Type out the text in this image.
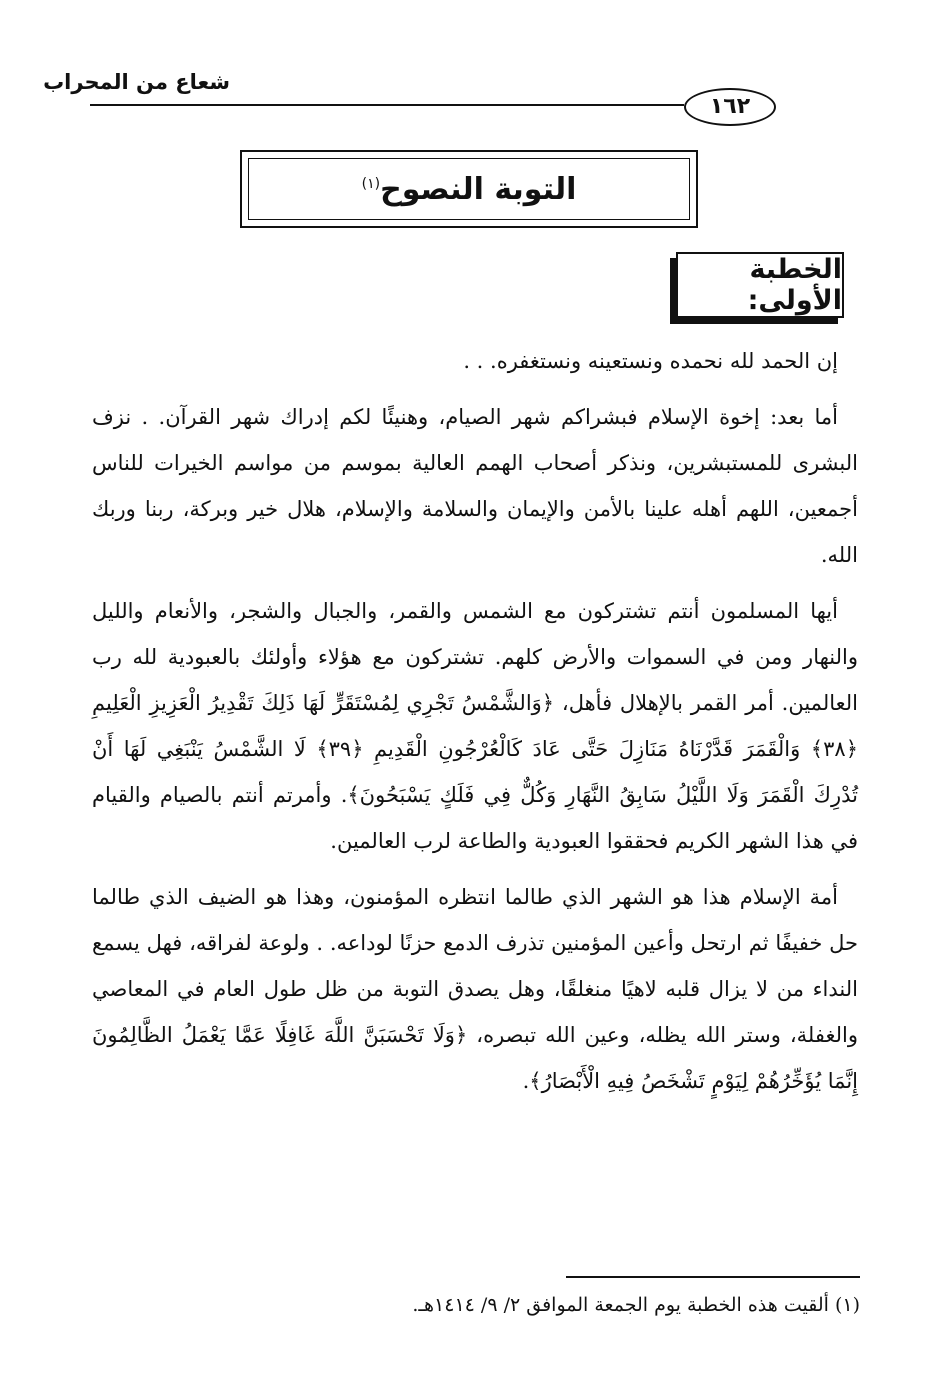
شعاع من المحراب
١٦٢
التوبة النصوح$^{(١)}$
الخطبة الأولى:

إن الحمد لله نحمده ونستعينه ونستغفره. . .

أما بعد: إخوة الإسلام فبشراكم شهر الصيام، وهنيئًا لكم إدراك شهر القرآن. . نزف البشرى للمستبشرين، ونذكر أصحاب الهمم العالية بموسم من مواسم الخيرات للناس أجمعين، اللهم أهله علينا بالأمن والإيمان والسلامة والإسلام، هلال خير وبركة، ربنا وربك الله.

أيها المسلمون أنتم تشتركون مع الشمس والقمر، والجبال والشجر، والأنعام والليل والنهار ومن في السموات والأرض كلهم. تشتركون مع هؤلاء وأولئك بالعبودية لله رب العالمين. أمر القمر بالإهلال فأهل، ﴿وَالشَّمْسُ تَجْرِي لِمُسْتَقَرٍّ لَهَا ذَلِكَ تَقْدِيرُ الْعَزِيزِ الْعَلِيمِ ﴿٣٨﴾ وَالْقَمَرَ قَدَّرْنَاهُ مَنَازِلَ حَتَّى عَادَ كَالْعُرْجُونِ الْقَدِيمِ ﴿٣٩﴾ لَا الشَّمْسُ يَنْبَغِي لَهَا أَنْ تُدْرِكَ الْقَمَرَ وَلَا اللَّيْلُ سَابِقُ النَّهَارِ وَكُلٌّ فِي فَلَكٍ يَسْبَحُونَ﴾. وأمرتم أنتم بالصيام والقيام في هذا الشهر الكريم فحققوا العبودية والطاعة لرب العالمين.

أمة الإسلام هذا هو الشهر الذي طالما انتظره المؤمنون، وهذا هو الضيف الذي طالما حل خفيفًا ثم ارتحل وأعين المؤمنين تذرف الدمع حزنًا لوداعه. . ولوعة لفراقه، فهل يسمع النداء من لا يزال قلبه لاهيًا منغلقًا، وهل يصدق التوبة من ظل طول العام في المعاصي والغفلة، وستر الله يظله، وعين الله تبصره، ﴿وَلَا تَحْسَبَنَّ اللَّهَ غَافِلًا عَمَّا يَعْمَلُ الظَّالِمُونَ إِنَّمَا يُؤَخِّرُهُمْ لِيَوْمٍ تَشْخَصُ فِيهِ الْأَبْصَارُ﴾.

(١) ألقيت هذه الخطبة يوم الجمعة الموافق ٢/ ٩/ ١٤١٤هـ.
